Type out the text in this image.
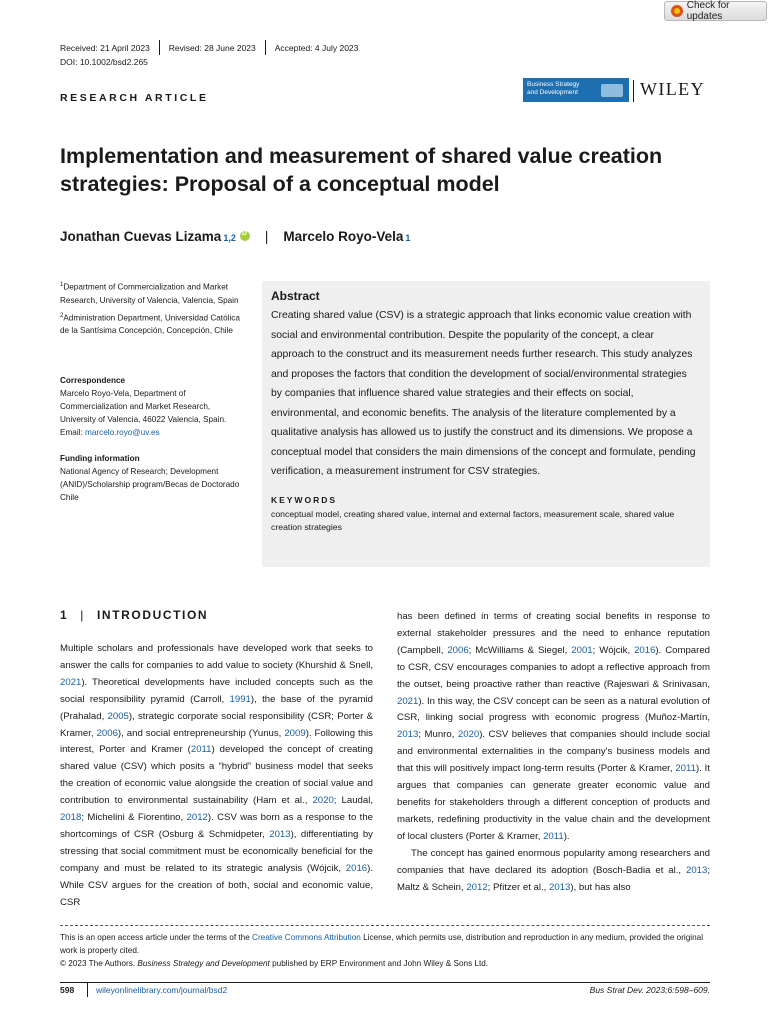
Check for updates
Received: 21 April 2023 Revised: 28 June 2023 Accepted: 4 July 2023
DOI: 10.1002/bsd2.265
RESEARCH ARTICLE
Business Strategy
and Development	WILEY
Implementation and measurement of shared value creation strategies: Proposal of a conceptual model
Jonathan Cuevas Lizama 1,2
D | Marcelo Royo-Vela 1

$^1$Department of Commercialization and Market Research, University of Valencia, Valencia, Spain

$^2$Administration Department, Universidad Católica de la Santísima Concepción, Concepción, Chile

Correspondence

Marcelo Royo-Vela, Department of Commercialization and Market Research, University of Valencia, 46022 Valencia, Spain. Email: marcelo.royo@uv.es

Funding information

National Agency of Research; Development (ANID)/Scholarship program/Becas de Doctorado Chile

Abstract
Creating shared value (CSV) is a strategic approach that links economic value creation with social and environmental contribution. Despite the popularity of the concept, a clear approach to the construct and its measurement needs further research. This study analyzes and proposes the factors that condition the development of social/environmental strategies by companies that influence shared value strategies and their effects on social, environmental, and economic benefits. The analysis of the literature complemented by a qualitative analysis has allowed us to justify the construct and its dimensions. We propose a conceptual model that considers the main dimensions of the concept and formulate, pending verification, a measurement instrument for CSV strategies.
KEYWORDS
conceptual model, creating shared value, internal and external factors, measurement scale, shared value creation strategies
1 | INTRODUCTION

Multiple scholars and professionals have developed work that seeks to answer the calls for companies to add value to society (Khurshid & Snell, 2021). Theoretical developments have included concepts such as the social responsibility pyramid (Carroll, 1991), the base of the pyramid (Prahalad, 2005), strategic corporate social responsibility (CSR; Porter & Kramer, 2006), and social entrepreneurship (Yunus, 2009). Following this interest, Porter and Kramer (2011) developed the concept of creating shared value (CSV) which posits a “hybrid” business model that seeks the creation of economic value alongside the creation of social value and contribution to environmental sustainability (Ham et al., 2020; Laudal, 2018; Michelini & Fiorentino, 2012). CSV was born as a response to the shortcomings of CSR (Osburg & Schmidpeter, 2013), differentiating by stressing that social commitment must be economically beneficial for the company and must be related to its strategic analysis (Wójcik, 2016). While CSV argues for the creation of both, social and economic value, CSR

has been defined in terms of creating social benefits in response to external stakeholder pressures and the need to enhance reputation (Campbell, 2006; McWilliams & Siegel, 2001; Wójcik, 2016). Compared to CSR, CSV encourages companies to adopt a reflective approach from the outset, being proactive rather than reactive (Rajeswari & Srinivasan, 2021). In this way, the CSV concept can be seen as a natural evolution of CSR, linking social progress with economic progress (Muñoz-Martín, 2013; Munro, 2020). CSV believes that companies should include social and environmental externalities in the company's business models and that this will positively impact long-term results (Porter & Kramer, 2011). It argues that companies can generate greater economic value and benefits for stakeholders through a different conception of products and markets, redefining productivity in the value chain and the development of local clusters (Porter & Kramer, 2011).

The concept has gained enormous popularity among researchers and companies that have declared its adoption (Bosch-Badia et al., 2013; Maltz & Schein, 2012; Pfitzer et al., 2013), but has also

This is an open access article under the terms of the Creative Commons Attribution License, which permits use, distribution and reproduction in any medium, provided the original work is properly cited.

© 2023 The Authors. Business Strategy and Development published by ERP Environment and John Wiley & Sons Ltd.

598	wileyonlinelibrary.com/journal/bsd2	Bus Strat Dev. 2023;6:598–609.
